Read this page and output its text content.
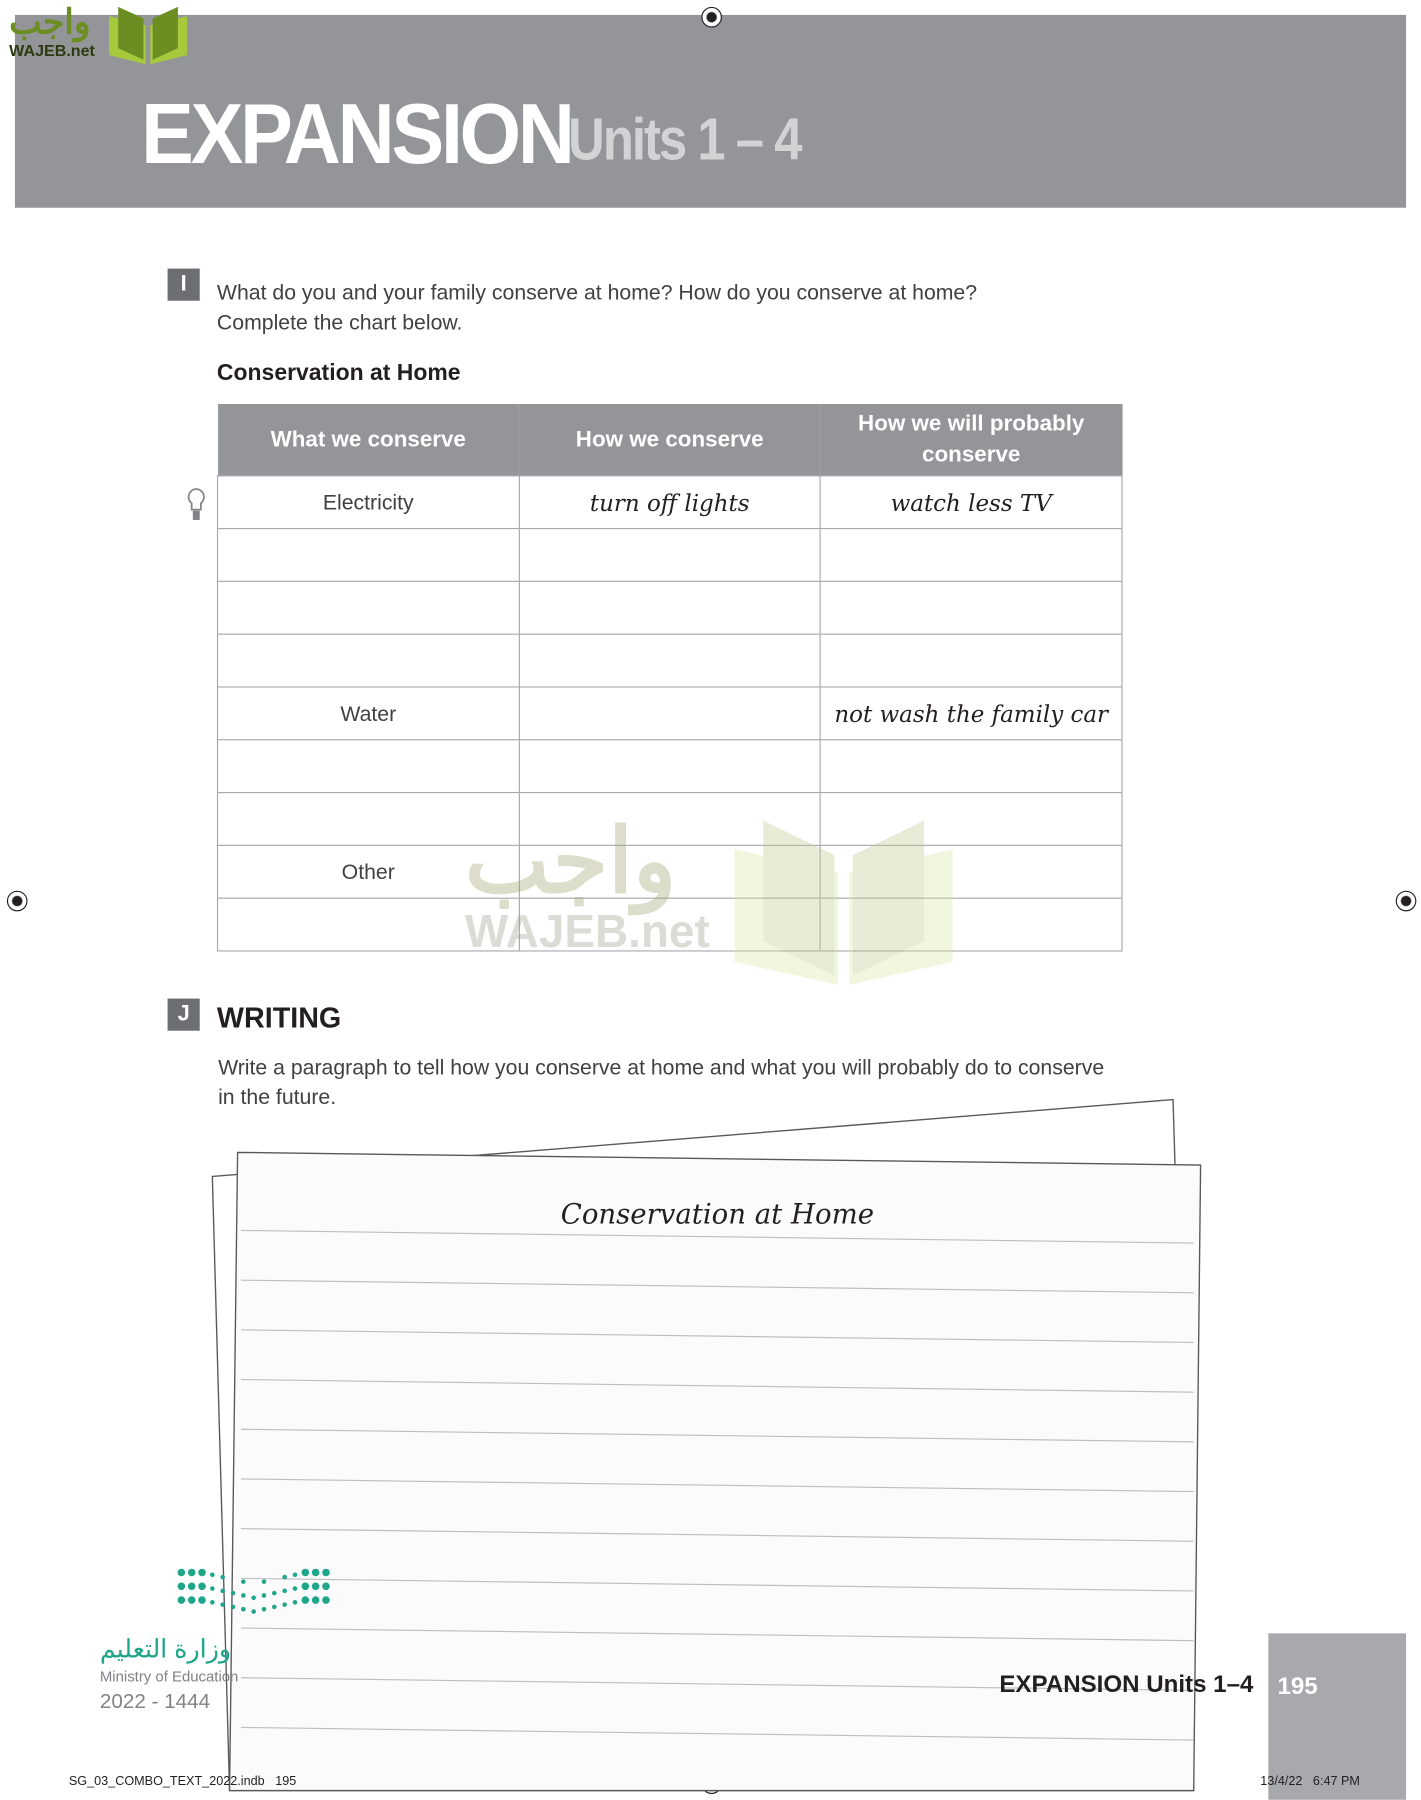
EXPANSION
Units 1 – 4
واجب
WAJEB.net
I	What do you and your family conserve at home? How do you conserve at home?
Complete the chart below.
Conservation at Home
What we conserve	How we conserve	How we will probably conserve
Electricity	turn off lights	watch less TV

Water		not wash the family car

Other		
		واجب
WAJEB.net
J	WRITING
Write a paragraph to tell how you conserve at home and what you will probably do to conserve
in the future.
Conservation at Home
وزارة التعليم
Ministry of Education
2022 - 1444
EXPANSION Units 1–4 195
SG_03_COMBO_TEXT_2022.indb   195	13/4/22   6:47 PM
